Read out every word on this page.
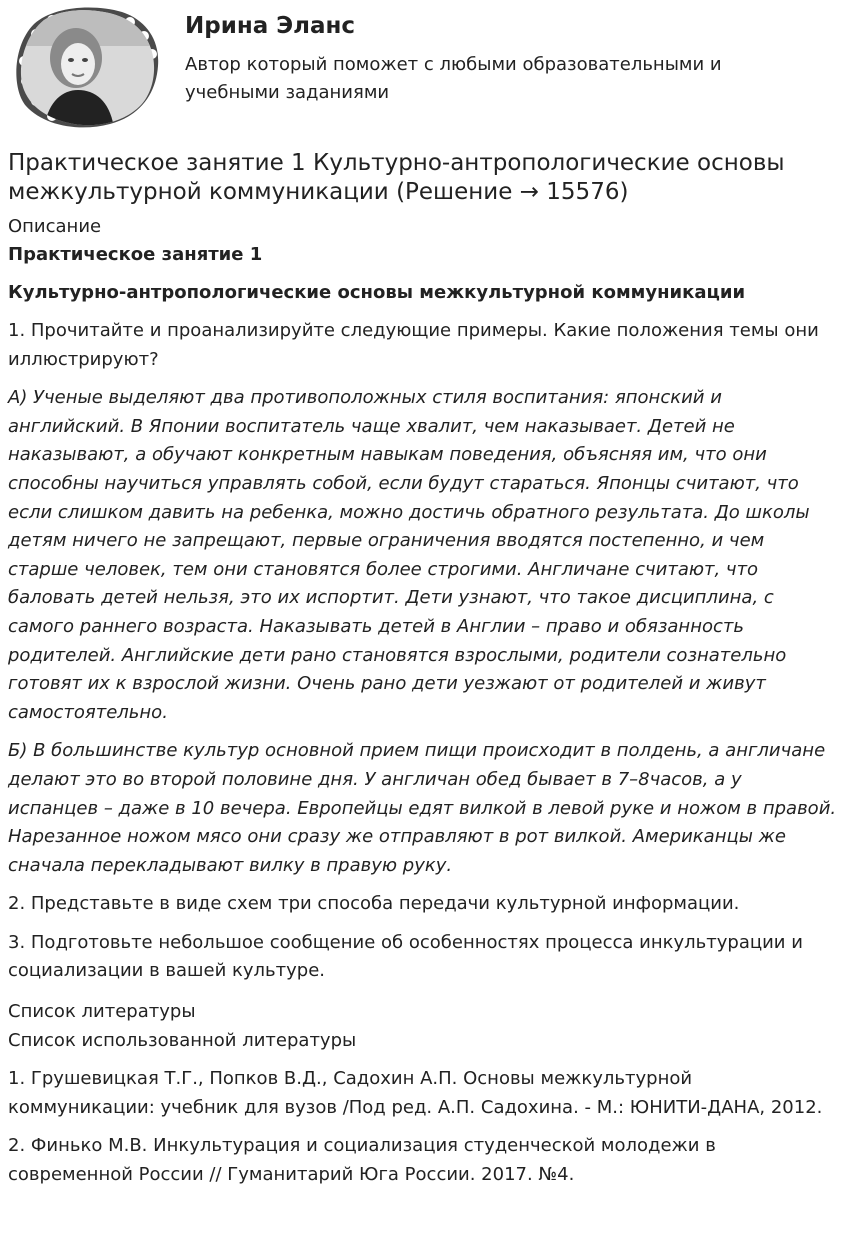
Ирина Эланс
Автор который поможет с любыми образовательными и учебными заданиями
Практическое занятие 1 Культурно-антропологические основы межкультурной коммуникации (Решение → 15576)
Описание
Практическое занятие 1
Культурно-антропологические основы межкультурной коммуникации

1. Прочитайте и проанализируйте следующие примеры. Какие положения темы они иллюстрируют?

А) Ученые выделяют два противоположных стиля воспитания: японский и английский. В Японии воспитатель чаще хвалит, чем наказывает. Детей не наказывают, а обучают конкретным навыкам поведения, объясняя им, что они способны научиться управлять собой, если будут стараться. Японцы считают, что если слишком давить на ребенка, можно достичь обратного результата. До школы детям ничего не запрещают, первые ограничения вводятся постепенно, и чем старше человек, тем они становятся более строгими. Англичане считают, что баловать детей нельзя, это их испортит. Дети узнают, что такое дисциплина, с самого раннего возраста. Наказывать детей в Англии – право и обязанность родителей. Английские дети рано становятся взрослыми, родители сознательно готовят их к взрослой жизни. Очень рано дети уезжают от родителей и живут самостоятельно.

Б) В большинстве культур основной прием пищи происходит в полдень, а англичане делают это во второй половине дня. У англичан обед бывает в 7–8часов, а у испанцев – даже в 10 вечера. Европейцы едят вилкой в левой руке и ножом в правой. Нарезанное ножом мясо они сразу же отправляют в рот вилкой. Американцы же сначала перекладывают вилку в правую руку.

2. Представьте в виде схем три способа передачи культурной информации.

3. Подготовьте небольшое сообщение об особенностях процесса инкультурации и социализации в вашей культуре.

Список литературы
Список использованной литературы

1. Грушевицкая Т.Г., Попков В.Д., Садохин А.П. Основы межкультурной коммуникации: учебник для вузов /Под ред. А.П. Садохина. - М.: ЮНИТИ-ДАНА, 2012.

2. Финько М.В. Инкультурация и социализация студенческой молодежи в современной России // Гуманитарий Юга России. 2017. №4.
